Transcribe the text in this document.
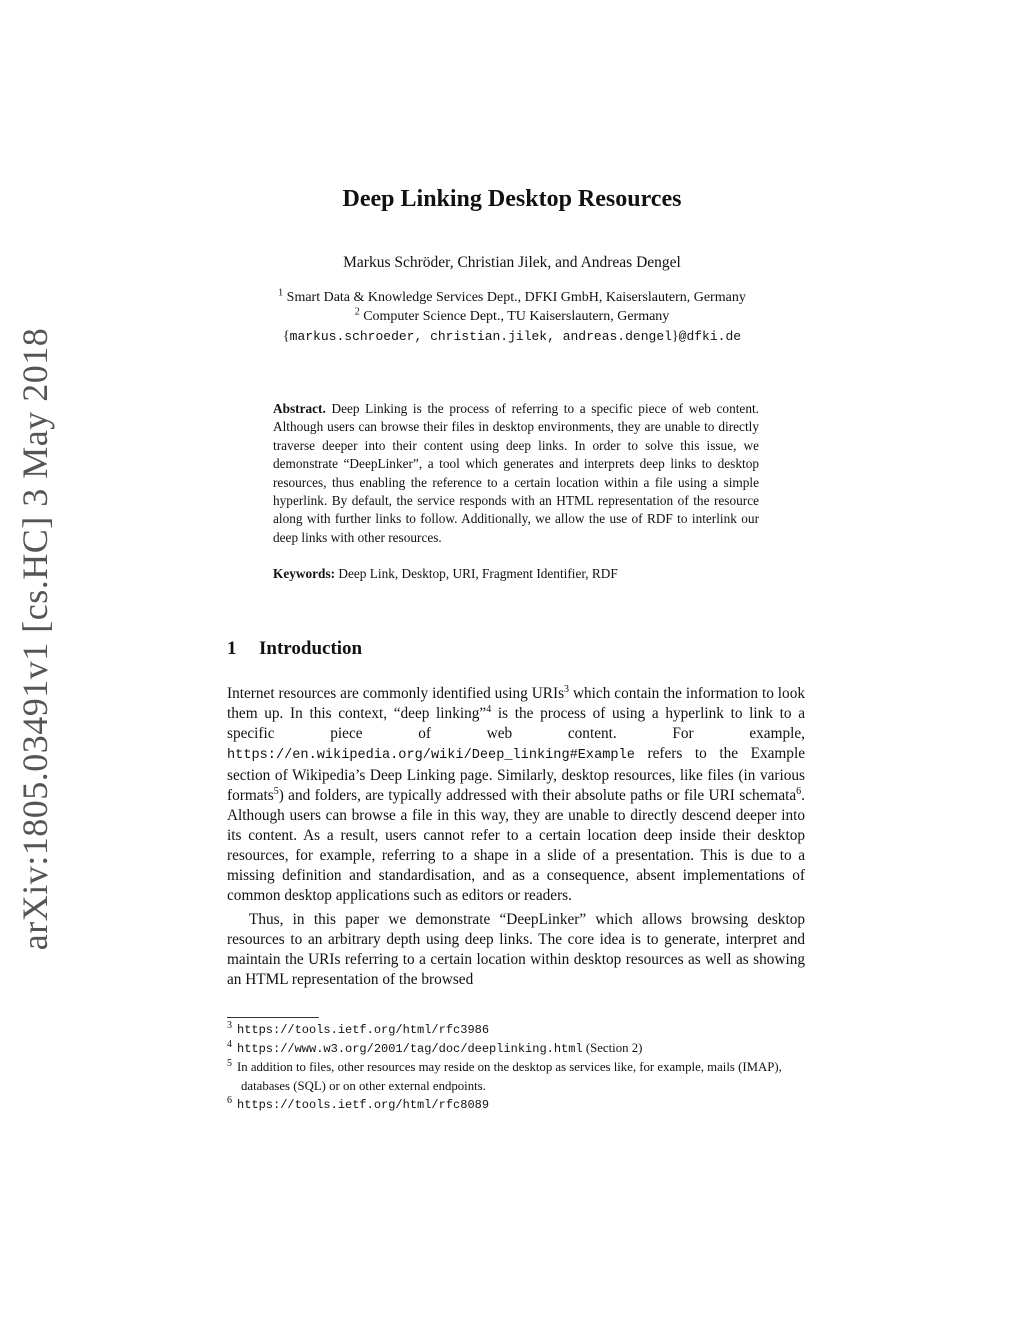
arXiv:1805.03491v1 [cs.HC] 3 May 2018
Deep Linking Desktop Resources
Markus Schröder, Christian Jilek, and Andreas Dengel
$^1$ Smart Data & Knowledge Services Dept., DFKI GmbH, Kaiserslautern, Germany
$^2$ Computer Science Dept., TU Kaiserslautern, Germany
{markus.schroeder, christian.jilek, andreas.dengel}@dfki.de

Abstract. Deep Linking is the process of referring to a specific piece of web content. Although users can browse their files in desktop environments, they are unable to directly traverse deeper into their content using deep links. In order to solve this issue, we demonstrate “DeepLinker”, a tool which generates and interprets deep links to desktop resources, thus enabling the reference to a certain location within a file using a simple hyperlink. By default, the service responds with an HTML representation of the resource along with further links to follow. Additionally, we allow the use of RDF to interlink our deep links with other resources.

Keywords: Deep Link, Desktop, URI, Fragment Identifier, RDF

1 Introduction

Internet resources are commonly identified using URIs$^3$ which contain the information to look them up. In this context, “deep linking”$^4$ is the process of using a hyperlink to link to a specific piece of web content. For example, https://en.wikipedia.org/wiki/Deep_linking#Example refers to the Example section of Wikipedia’s Deep Linking page. Similarly, desktop resources, like files (in various formats$^5$) and folders, are typically addressed with their absolute paths or file URI schemata$^6$. Although users can browse a file in this way, they are unable to directly descend deeper into its content. As a result, users cannot refer to a certain location deep inside their desktop resources, for example, referring to a shape in a slide of a presentation. This is due to a missing definition and standardisation, and as a consequence, absent implementations of common desktop applications such as editors or readers.

Thus, in this paper we demonstrate “DeepLinker” which allows browsing desktop resources to an arbitrary depth using deep links. The core idea is to generate, interpret and maintain the URIs referring to a certain location within desktop resources as well as showing an HTML representation of the browsed

$^3$ https://tools.ietf.org/html/rfc3986
$^4$ https://www.w3.org/2001/tag/doc/deeplinking.html (Section 2)
$^5$ In addition to files, other resources may reside on the desktop as services like, for example, mails (IMAP), databases (SQL) or on other external endpoints.
$^6$ https://tools.ietf.org/html/rfc8089
